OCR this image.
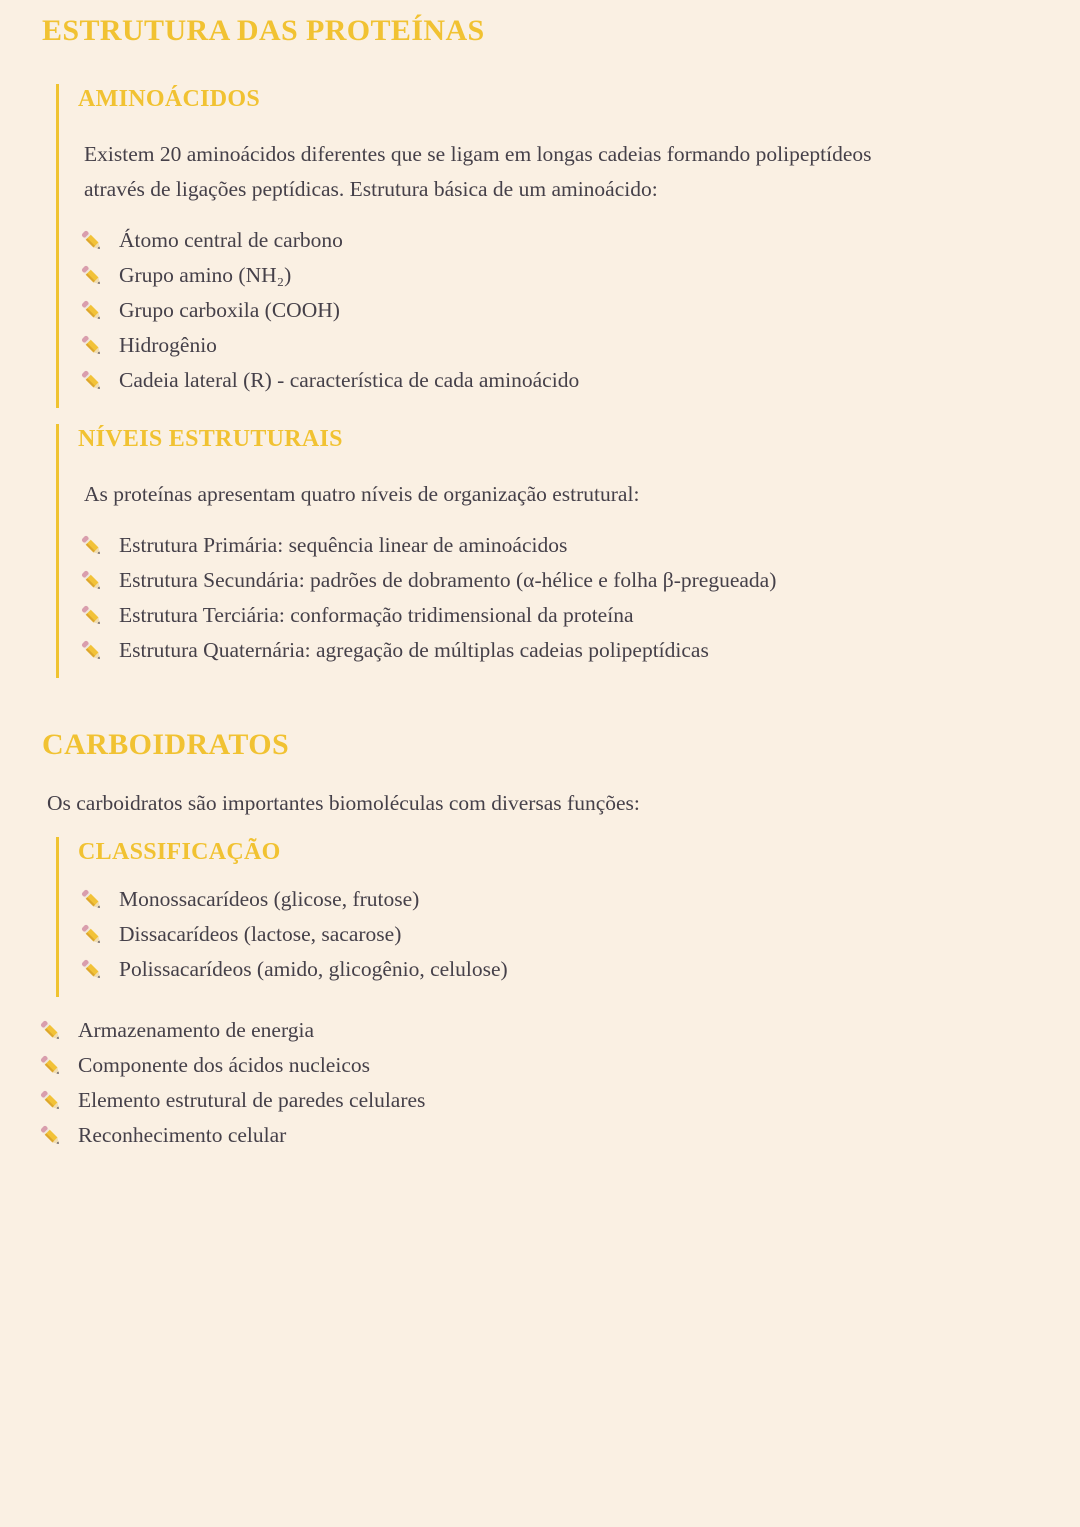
ESTRUTURA DAS PROTEÍNAS
AMINOÁCIDOS

Existem 20 aminoácidos diferentes que se ligam em longas cadeias formando polipeptídeos
através de ligações peptídicas. Estrutura básica de um aminoácido:

Átomo central de carbono
Grupo amino (NH₂)
Grupo carboxila (COOH)
Hidrogênio
Cadeia lateral (R) - característica de cada aminoácido
NÍVEIS ESTRUTURAIS

As proteínas apresentam quatro níveis de organização estrutural:

Estrutura Primária: sequência linear de aminoácidos
Estrutura Secundária: padrões de dobramento (α-hélice e folha β-pregueada)
Estrutura Terciária: conformação tridimensional da proteína
Estrutura Quaternária: agregação de múltiplas cadeias polipeptídicas
CARBOIDRATOS

Os carboidratos são importantes biomoléculas com diversas funções:

CLASSIFICAÇÃO
Monossacarídeos (glicose, frutose)
Dissacarídeos (lactose, sacarose)
Polissacarídeos (amido, glicogênio, celulose)
Armazenamento de energia
Componente dos ácidos nucleicos
Elemento estrutural de paredes celulares
Reconhecimento celular
